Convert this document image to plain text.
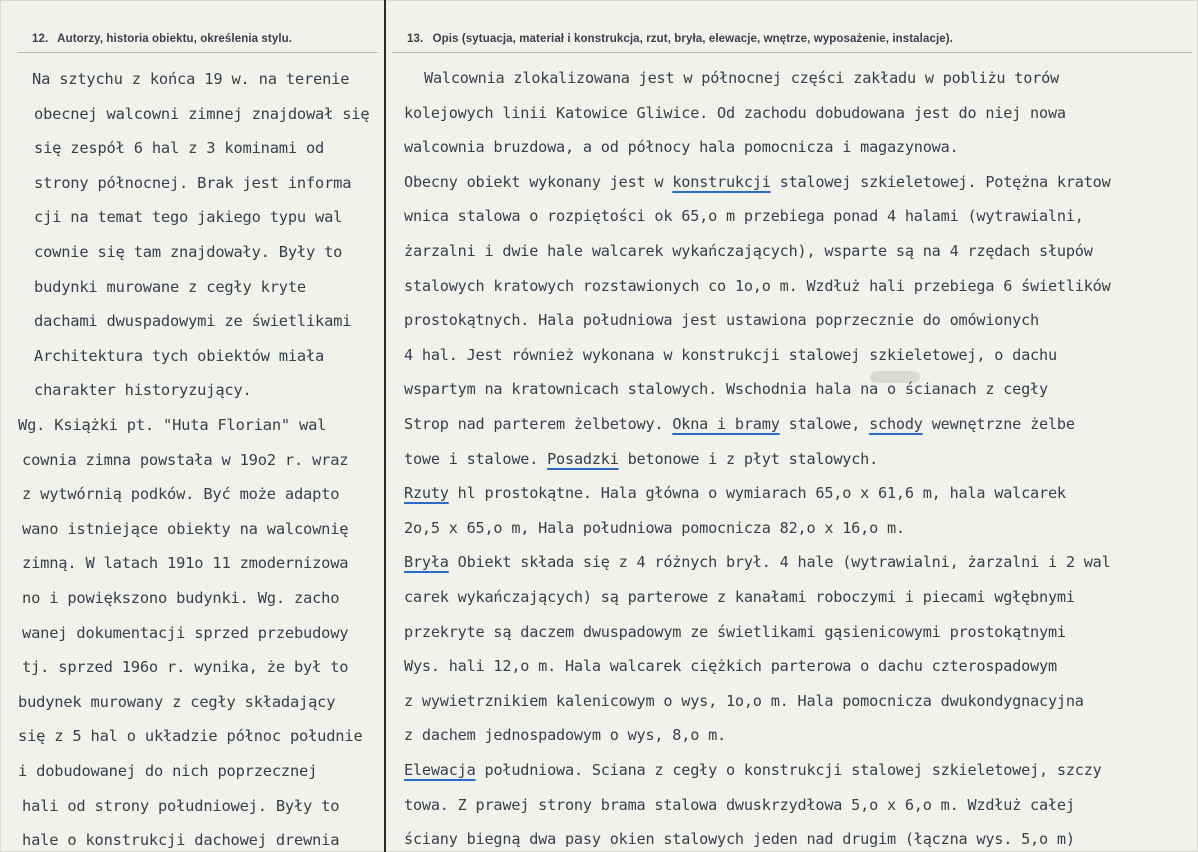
12. Autorzy, historia obiektu, określenia stylu.	13. Opis (sytuacja, materiał i konstrukcja, rzut, bryła, elewacje, wnętrze, wyposażenie, instalacje).
Na sztychu z końca 19 w. na terenie
obecnej walcowni zimnej znajdował się
się zespół 6 hal z 3 kominami od
strony północnej. Brak jest informa
cji na temat tego jakiego typu wal
cownie się tam znajdowały. Były to
budynki murowane z cegły kryte
dachami dwuspadowymi ze świetlikami
Architektura tych obiektów miała
charakter historyzujący.
Wg. Książki pt. "Huta Florian" wal
cownia zimna powstała w 19o2 r. wraz
z wytwórnią podków. Być może adapto
wano istniejące obiekty na walcownię
zimną. W latach 191o 11 zmodernizowa
no i powiększono budynki. Wg. zacho
wanej dokumentacji sprzed przebudowy
tj. sprzed 196o r. wynika, że był to
budynek murowany z cegły składający
się z 5 hal o układzie północ południe
i dobudowanej do nich poprzecznej
hali od strony południowej. Były to
hale o konstrukcji dachowej drewnia
Walcownia zlokalizowana jest w północnej części zakładu w pobliżu torów
kolejowych linii Katowice Gliwice. Od zachodu dobudowana jest do niej nowa
walcownia bruzdowa, a od północy hala pomocnicza i magazynowa.
Obecny obiekt wykonany jest w konstrukcji stalowej szkieletowej. Potężna kratow
wnica stalowa o rozpiętości ok 65,o m przebiega ponad 4 halami (wytrawialni,
żarzalni i dwie hale walcarek wykańczających), wsparte są na 4 rzędach słupów
stalowych kratowych rozstawionych co 1o,o m. Wzdłuż hali przebiega 6 świetlików
prostokątnych. Hala południowa jest ustawiona poprzecznie do omówionych
4 hal. Jest również wykonana w konstrukcji stalowej szkieletowej, o dachu
wspartym na kratownicach stalowych. Wschodnia hala na o ścianach z cegły
Strop nad parterem żelbetowy. Okna i bramy stalowe, schody wewnętrzne żelbe
towe i stalowe. Posadzki betonowe i z płyt stalowych.
Rzuty hl prostokątne. Hala główna o wymiarach 65,o x 61,6 m, hala walcarek
2o,5 x 65,o m, Hala południowa pomocnicza 82,o x 16,o m.
Bryła Obiekt składa się z 4 różnych brył. 4 hale (wytrawialni, żarzalni i 2 wal
carek wykańczających) są parterowe z kanałami roboczymi i piecami wgłębnymi
przekryte są daczem dwuspadowym ze świetlikami gąsienicowymi prostokątnymi
Wys. hali 12,o m. Hala walcarek ciężkich parterowa o dachu czterospadowym
z wywietrznikiem kalenicowym o wys, 1o,o m. Hala pomocnicza dwukondygnacyjna
z dachem jednospadowym o wys, 8,o m.
Elewacja południowa. Sciana z cegły o konstrukcji stalowej szkieletowej, szczy
towa. Z prawej strony brama stalowa dwuskrzydłowa 5,o x 6,o m. Wzdłuż całej
ściany biegną dwa pasy okien stalowych jeden nad drugim (łączna wys. 5,o m)
